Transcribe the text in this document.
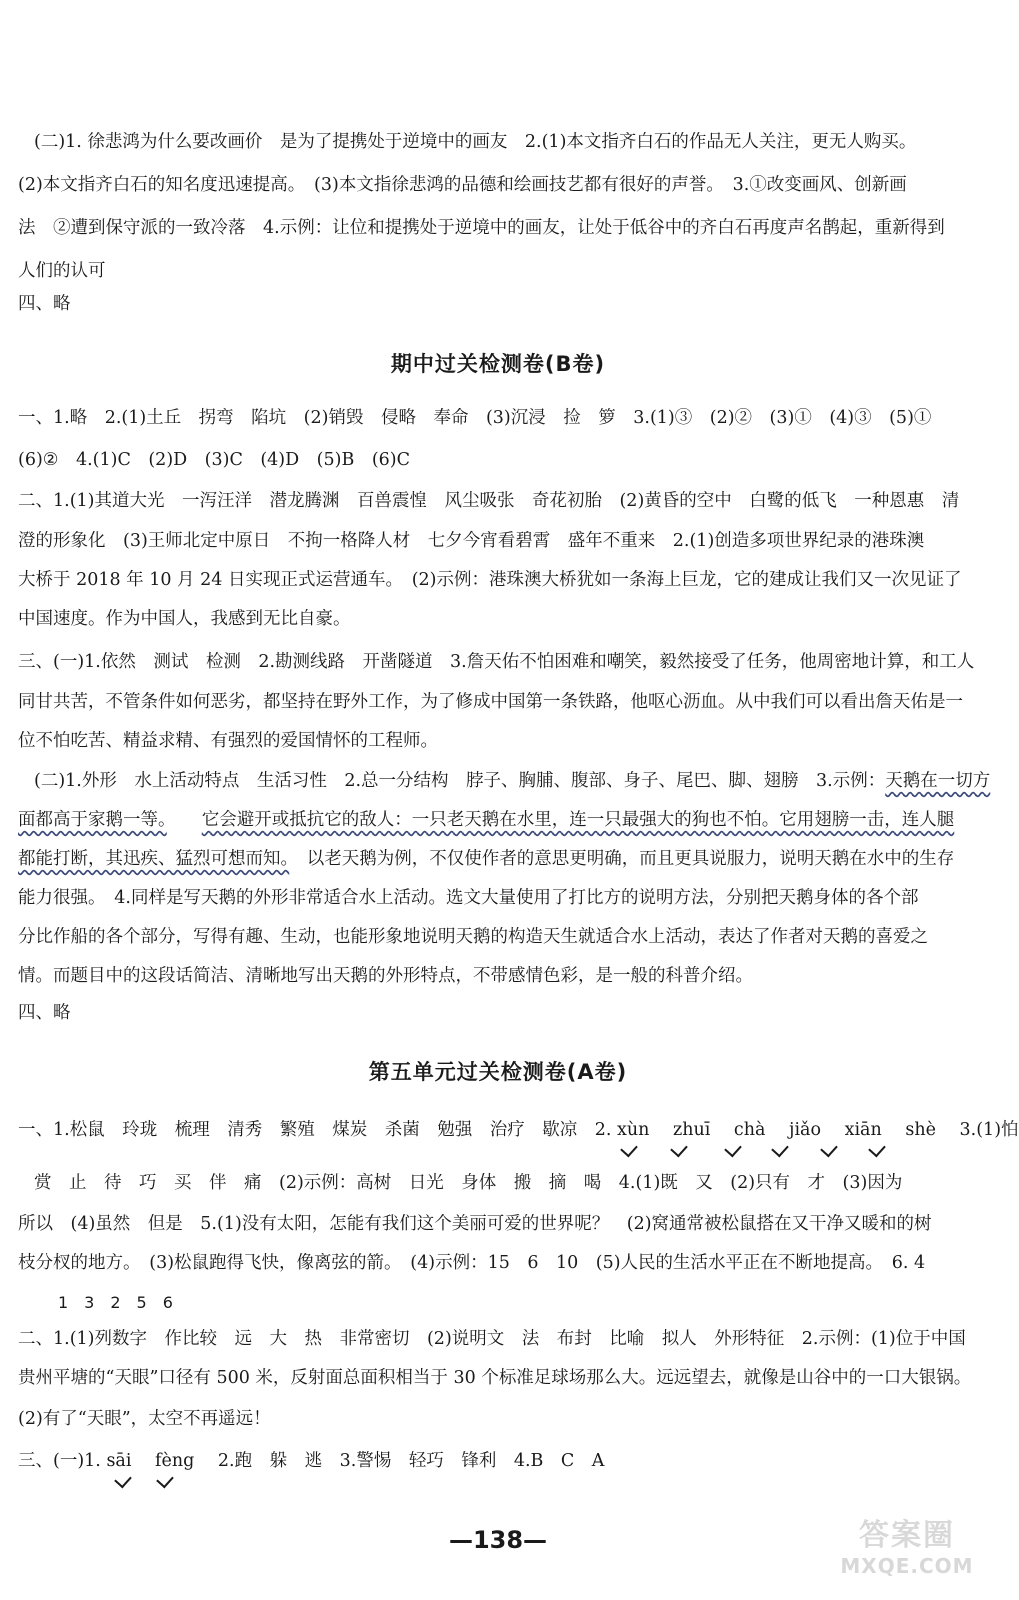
(二)1. 徐悲鸿为什么要改画价　是为了提携处于逆境中的画友　2.(1)本文指齐白石的作品无人关注，更无人购买。
(2)本文指齐白石的知名度迅速提高。　(3)本文指徐悲鸿的品德和绘画技艺都有很好的声誉。　3.①改变画风、创新画
法　②遭到保守派的一致冷落　4.示例：让位和提携处于逆境中的画友，让处于低谷中的齐白石再度声名鹊起，重新得到
人们的认可
四、略
期中过关检测卷(B卷)
一、1.略　2.(1)土丘　拐弯　陷坑　(2)销毁　侵略　奉命　(3)沉浸　捡　箩　3.(1)③　(2)②　(3)①　(4)③　(5)①
(6)②　4.(1)C　(2)D　(3)C　(4)D　(5)B　(6)C
二、1.(1)其道大光　一泻汪洋　潜龙腾渊　百兽震惶　风尘吸张　奇花初胎　(2)黄昏的空中　白鹭的低飞　一种恩惠　清
澄的形象化　(3)王师北定中原日　不拘一格降人材　七夕今宵看碧霄　盛年不重来　2.(1)创造多项世界纪录的港珠澳
大桥于 2018 年 10 月 24 日实现正式运营通车。　(2)示例：港珠澳大桥犹如一条海上巨龙，它的建成让我们又一次见证了
中国速度。作为中国人，我感到无比自豪。
三、(一)1.依然　测试　检测　2.勘测线路　开凿隧道　3.詹天佑不怕困难和嘲笑，毅然接受了任务，他周密地计算，和工人
同甘共苦，不管条件如何恶劣，都坚持在野外工作，为了修成中国第一条铁路，他呕心沥血。从中我们可以看出詹天佑是一
位不怕吃苦、精益求精、有强烈的爱国情怀的工程师。
(二)1.外形　水上活动特点　生活习性　2.总一分结构　脖子、胸脯、腹部、身子、尾巴、脚、翅膀　3.示例：天鹅在一切方
面都高于家鹅一等。　　 它会避开或抵抗它的敌人：一只老天鹅在水里，连一只最强大的狗也不怕。它用翅膀一击，连人腿
都能打断，其迅疾、猛烈可想而知。　以老天鹅为例，不仅使作者的意思更明确，而且更具说服力，说明天鹅在水中的生存
能力很强。　4.同样是写天鹅的外形非常适合水上活动。选文大量使用了打比方的说明方法，分别把天鹅身体的各个部
分比作船的各个部分，写得有趣、生动，也能形象地说明天鹅的构造天生就适合水上活动，表达了作者对天鹅的喜爱之
情。而题目中的这段话简洁、清晰地写出天鹅的外形特点，不带感情色彩，是一般的科普介绍。
四、略
第五单元过关检测卷(A卷)
一、1.松鼠　玲珑　梳理　清秀　繁殖　煤炭　杀菌　勉强　治疗　歇凉　2. xùn zhuī chà jiǎo xiān shè 3.(1)怕
赏　止　待　巧　买　伴　痛　(2)示例：高树　日光　身体　搬　摘　喝　4.(1)既　又　(2)只有　才　(3)因为
所以　(4)虽然　但是　5.(1)没有太阳，怎能有我们这个美丽可爱的世界呢？　(2)窝通常被松鼠搭在又干净又暖和的树
枝分杈的地方。　(3)松鼠跑得飞快，像离弦的箭。　(4)示例：15　6　10　(5)人民的生活水平正在不断地提高。　6. 4
1　3　2　5　6
二、1.(1)列数字　作比较　远　大　热　非常密切　(2)说明文　法　布封　比喻　拟人　外形特征　2.示例：(1)位于中国
贵州平塘的“天眼”口径有 500 米，反射面总面积相当于 30 个标准足球场那么大。远远望去，就像是山谷中的一口大银锅。
(2)有了“天眼”，太空不再遥远！
三、(一)1. sāi fèng 2.跑　躲　逃　3.警惕　轻巧　锋利　4.B　C　A
—138—	答案圈
MXQE.COM
